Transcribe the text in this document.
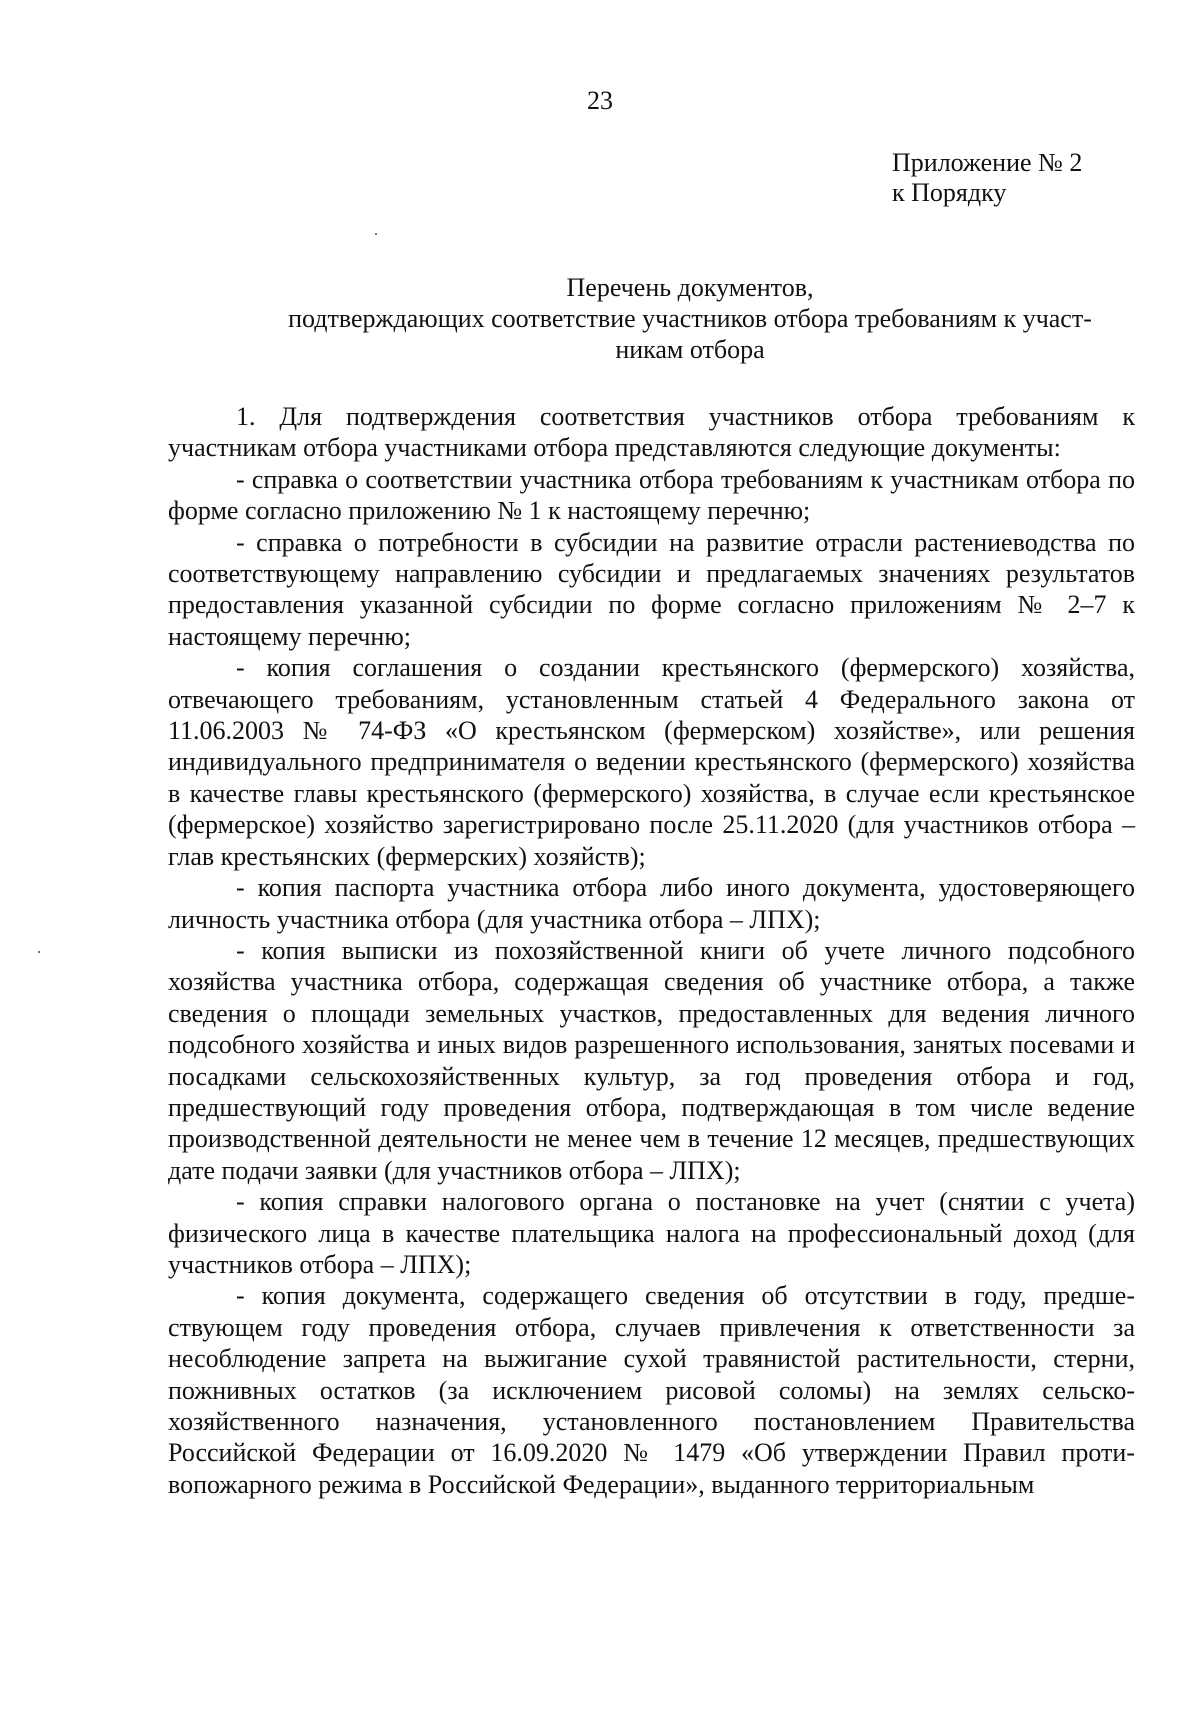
23
Приложение № 2
к Порядку
Перечень документов,
подтверждающих соответствие участников отбора требованиям к участ-
никам отбора

1. Для подтверждения соответствия участников отбора требованиям к участникам отбора участниками отбора представляются следующие документы:

- справка о соответствии участника отбора требованиям к участникам отбора по форме согласно приложению № 1 к настоящему перечню;

- справка о потребности в субсидии на развитие отрасли растениеводства по соответствующему направлению субсидии и предлагаемых значениях результатов предоставления указанной субсидии по форме согласно приложениям № 2–7 к настоящему перечню;

- копия соглашения о создании крестьянского (фермерского) хозяйства, отвечающего требованиям, установленным статьей 4 Федерального закона от 11.06.2003 № 74-ФЗ «О крестьянском (фермерском) хозяйстве», или решения индивидуального предпринимателя о ведении крестьянского (фермерского) хозяйства в качестве главы крестьянского (фермерского) хозяйства, в случае если крестьянское (фермерское) хозяйство зарегистрировано после 25.11.2020 (для участников отбора – глав крестьянских (фермерских) хозяйств);

- копия паспорта участника отбора либо иного документа, удостоверяющего личность участника отбора (для участника отбора – ЛПХ);

- копия выписки из похозяйственной книги об учете личного подсобного хозяйства участника отбора, содержащая сведения об участнике отбора, а также сведения о площади земельных участков, предоставленных для ведения личного подсобного хозяйства и иных видов разрешенного использования, занятых посевами и посадками сельскохозяйственных культур, за год проведения отбора и год, предшествующий году проведения отбора, подтверждающая в том числе ведение производственной деятельности не менее чем в течение 12 месяцев, предшествующих дате подачи заявки (для участников отбора – ЛПХ);

- копия справки налогового органа о постановке на учет (снятии с учета) физического лица в качестве плательщика налога на профессиональный доход (для участников отбора – ЛПХ);

- копия документа, содержащего сведения об отсутствии в году, предшествующем году проведения отбора, случаев привлечения к ответственности за несоблюдение запрета на выжигание сухой травянистой растительности, стерни, пожнивных остатков (за исключением рисовой соломы) на землях сельскохозяйственного назначения, установленного постановлением Правительства Российской Федерации от 16.09.2020 № 1479 «Об утверждении Правил противопожарного режима в Российской Федерации», выданного территориальным
